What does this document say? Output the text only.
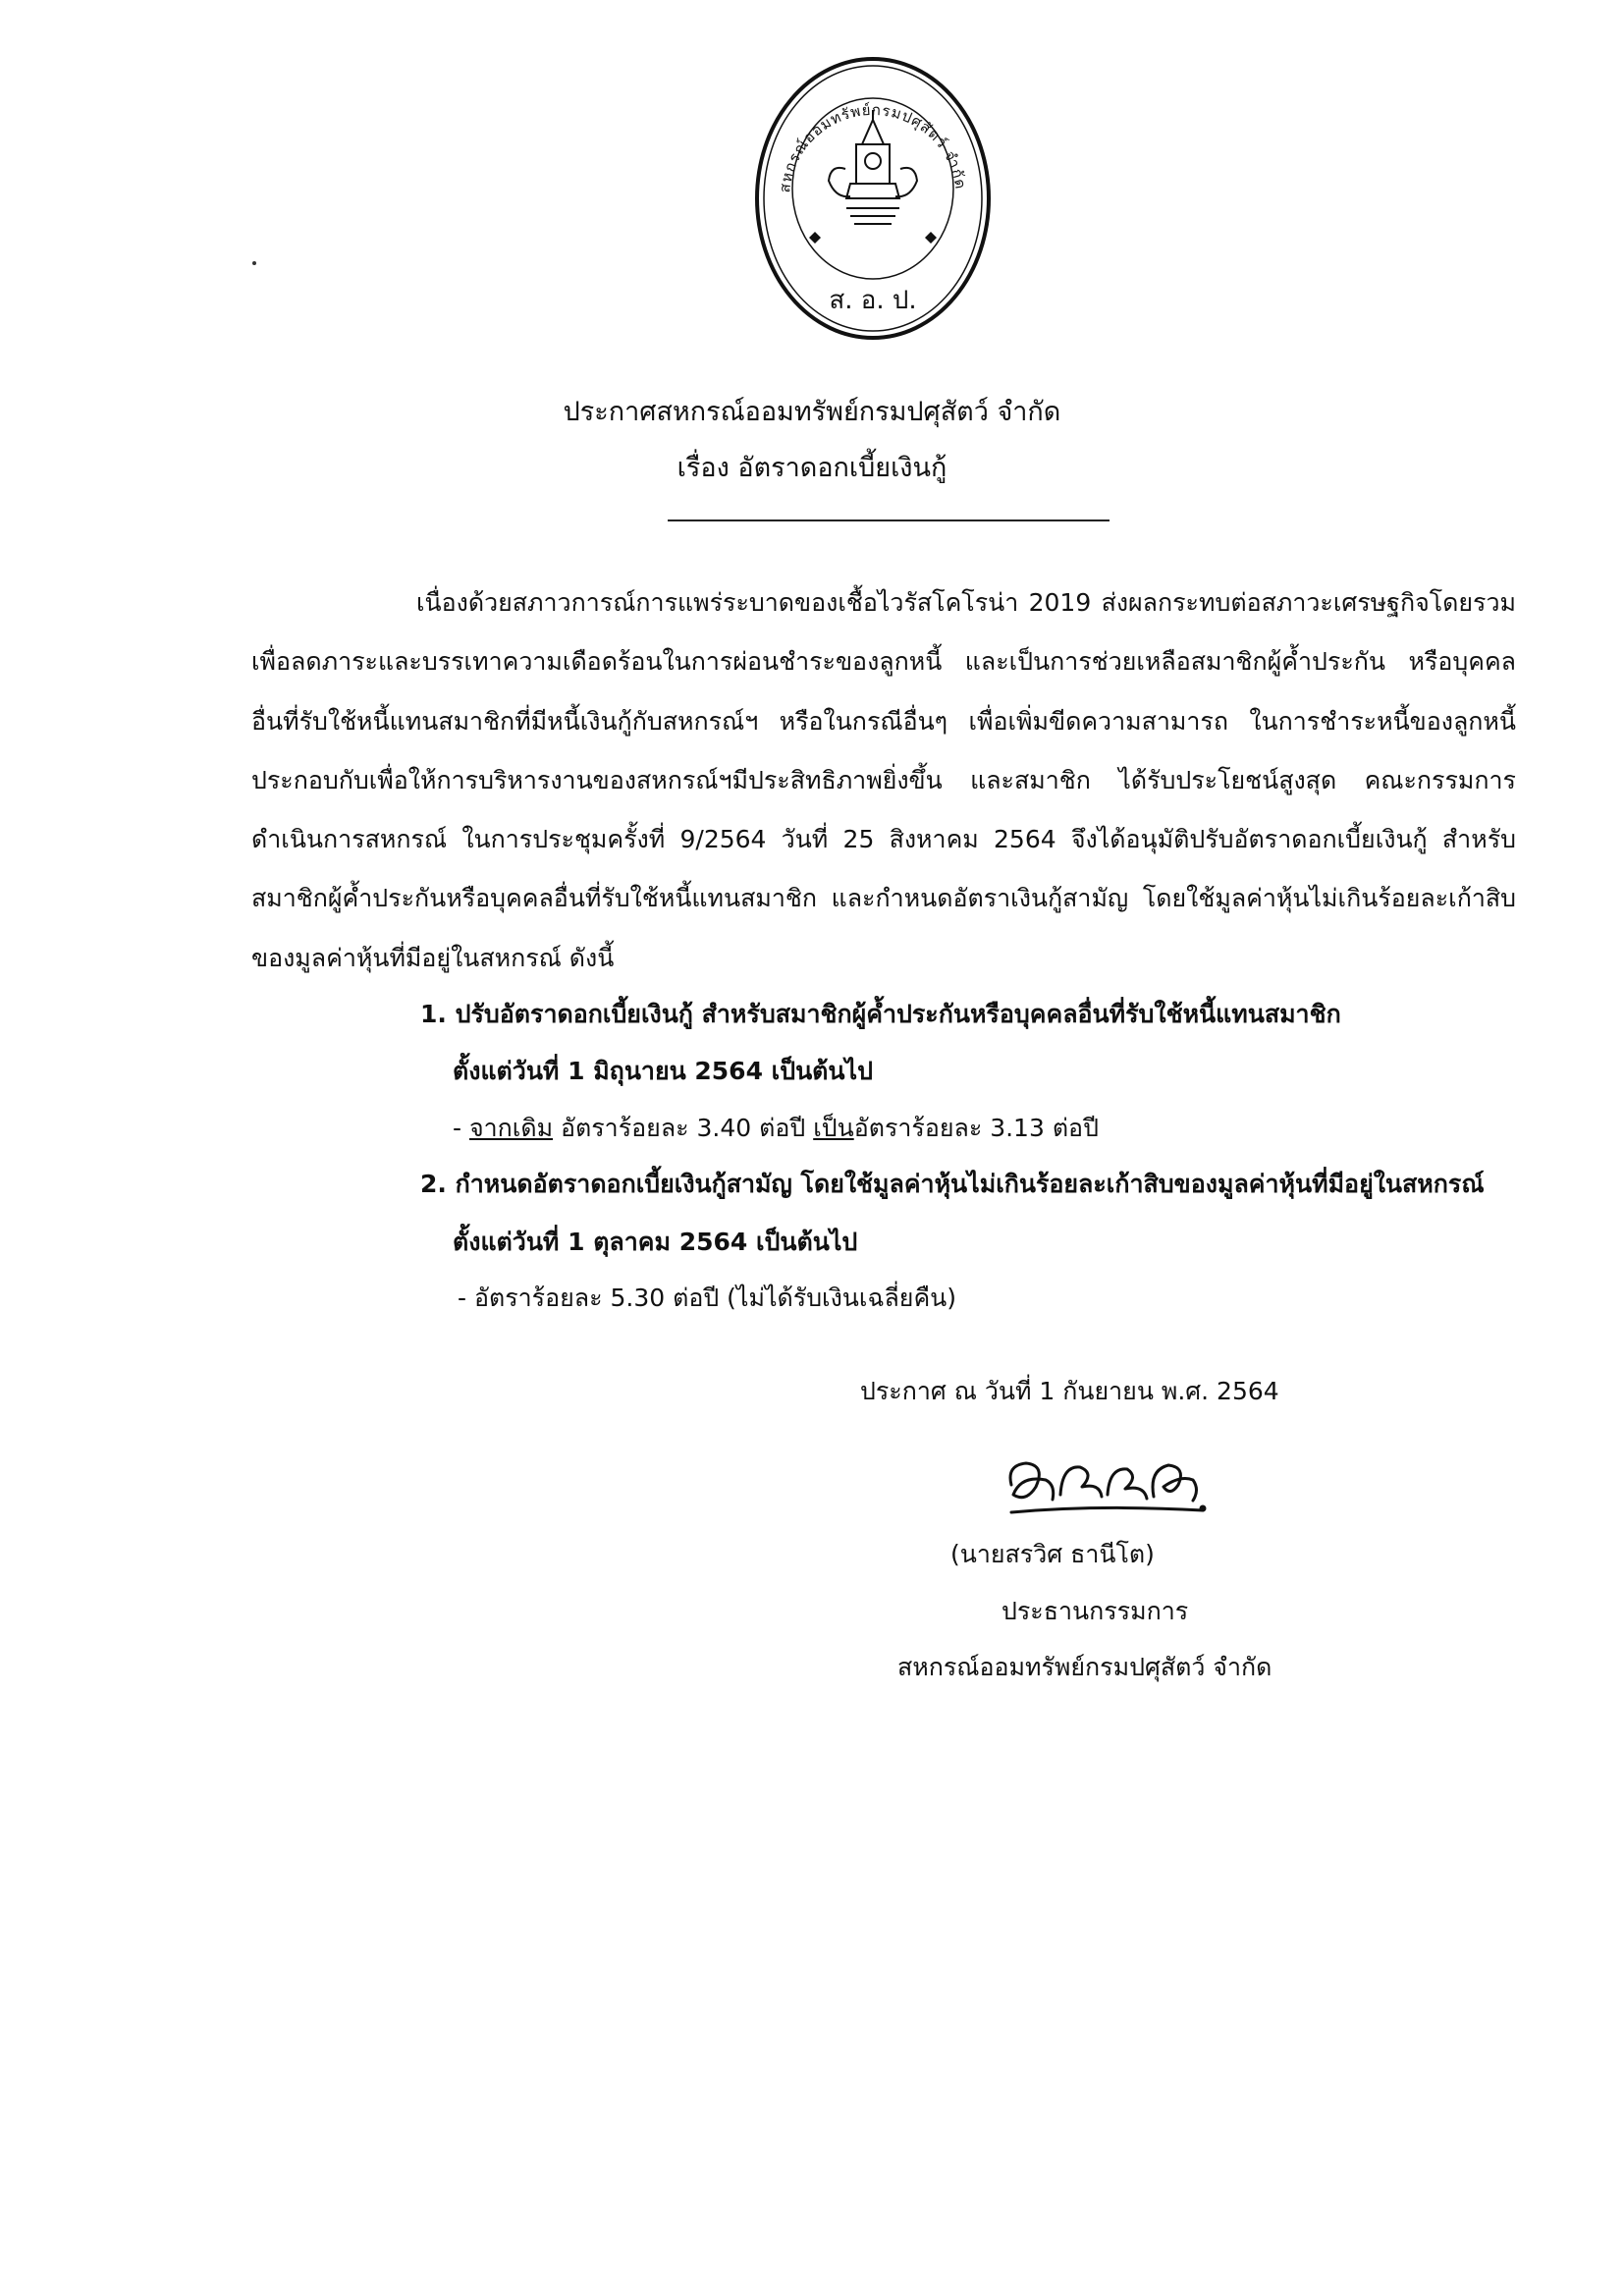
สหกรณ์ออมทรัพย์กรมปศุสัตว์ จำกัด
ส. อ. ป.
ประกาศสหกรณ์ออมทรัพย์กรมปศุสัตว์ จำกัด
เรื่อง อัตราดอกเบี้ยเงินกู้
เนื่องด้วยสภาวการณ์การแพร่ระบาดของเชื้อไวรัสโคโรน่า 2019 ส่งผลกระทบต่อสภาวะเศรษฐกิจโดยรวม เพื่อลดภาระและบรรเทาความเดือดร้อนในการผ่อนชำระของลูกหนี้ และเป็นการช่วยเหลือสมาชิกผู้ค้ำประกัน หรือบุคคลอื่นที่รับใช้หนี้แทนสมาชิกที่มีหนี้เงินกู้กับสหกรณ์ฯ หรือในกรณีอื่นๆ เพื่อเพิ่มขีดความสามารถ ในการชำระหนี้ของลูกหนี้ ประกอบกับเพื่อให้การบริหารงานของสหกรณ์ฯมีประสิทธิภาพยิ่งขึ้น และสมาชิก ได้รับประโยชน์สูงสุด คณะกรรมการดำเนินการสหกรณ์ ในการประชุมครั้งที่ 9/2564 วันที่ 25 สิงหาคม 2564 จึงได้อนุมัติปรับอัตราดอกเบี้ยเงินกู้ สำหรับสมาชิกผู้ค้ำประกันหรือบุคคลอื่นที่รับใช้หนี้แทนสมาชิก และกำหนดอัตราเงินกู้สามัญ โดยใช้มูลค่าหุ้นไม่เกินร้อยละเก้าสิบของมูลค่าหุ้นที่มีอยู่ในสหกรณ์ ดังนี้
1. ปรับอัตราดอกเบี้ยเงินกู้ สำหรับสมาชิกผู้ค้ำประกันหรือบุคคลอื่นที่รับใช้หนี้แทนสมาชิก
ตั้งแต่วันที่ 1 มิถุนายน 2564 เป็นต้นไป
- จากเดิม อัตราร้อยละ 3.40 ต่อปี เป็นอัตราร้อยละ 3.13 ต่อปี
2. กำหนดอัตราดอกเบี้ยเงินกู้สามัญ โดยใช้มูลค่าหุ้นไม่เกินร้อยละเก้าสิบของมูลค่าหุ้นที่มีอยู่ในสหกรณ์
ตั้งแต่วันที่ 1 ตุลาคม 2564 เป็นต้นไป
- อัตราร้อยละ 5.30 ต่อปี (ไม่ได้รับเงินเฉลี่ยคืน)
ประกาศ ณ วันที่ 1 กันยายน พ.ศ. 2564
(นายสรวิศ ธานีโต)
ประธานกรรมการ
สหกรณ์ออมทรัพย์กรมปศุสัตว์ จำกัด
